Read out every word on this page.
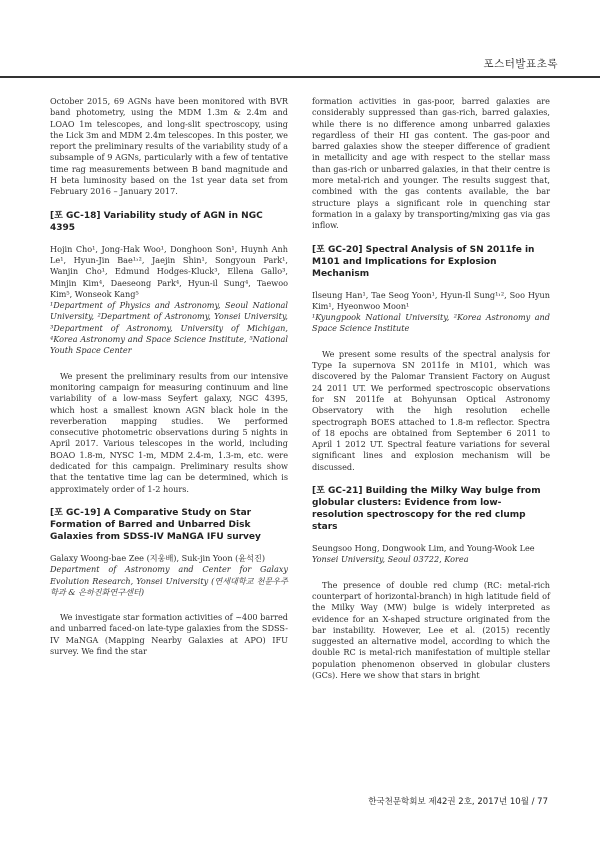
포스터발표초록

October 2015, 69 AGNs have been monitored with BVR band photometry, using the MDM 1.3m & 2.4m and LOAO 1m telescopes, and long-slit spectroscopy, using the Lick 3m and MDM 2.4m telescopes. In this poster, we report the preliminary results of the variability study of a subsample of 9 AGNs, particularly with a few of tentative time rag measurements between B band magnitude and H beta luminosity based on the 1st year data set from February 2016 – January 2017.

[포 GC-18] Variability study of AGN in NGC 4395

Hojin Cho¹, Jong-Hak Woo¹, Donghoon Son¹, Huynh Anh Le¹, Hyun-Jin Bae¹˒², Jaejin Shin¹, Songyoun Park¹, Wanjin Cho¹, Edmund Hodges-Kluck³, Ellena Gallo³, Minjin Kim⁴, Daeseong Park⁴, Hyun-il Sung⁴, Taewoo Kim⁵, Wonseok Kang⁵

¹Department of Physics and Astronomy, Seoul National University, ²Department of Astronomy, Yonsei University, ³Department of Astronomy, University of Michigan, ⁴Korea Astronomy and Space Science Institute, ⁵National Youth Space Center

We present the preliminary results from our intensive monitoring campaign for measuring continuum and line variability of a low-mass Seyfert galaxy, NGC 4395, which host a smallest known AGN black hole in the reverberation mapping studies. We performed consecutive photometric observations during 5 nights in April 2017. Various telescopes in the world, including BOAO 1.8-m, NYSC 1-m, MDM 2.4-m, 1.3-m, etc. were dedicated for this campaign. Preliminary results show that the tentative time lag can be determined, which is approximately order of 1-2 hours.

[포 GC-19] A Comparative Study on Star Formation of Barred and Unbarred Disk Galaxies from SDSS-IV MaNGA IFU survey

Galaxy Woong-bae Zee (지웅배), Suk-jin Yoon (윤석진)

Department of Astronomy and Center for Galaxy Evolution Research, Yonsei University (연세대학교 천문우주학과 & 은하진화연구센터)

We investigate star formation activities of ~400 barred and unbarred faced-on late-type galaxies from the SDSS-IV MaNGA (Mapping Nearby Galaxies at APO) IFU survey. We find the star

formation activities in gas-poor, barred galaxies are considerably suppressed than gas-rich, barred galaxies, while there is no difference among unbarred galaxies regardless of their HI gas content. The gas-poor and barred galaxies show the steeper difference of gradient in metallicity and age with respect to the stellar mass than gas-rich or unbarred galaxies, in that their centre is more metal-rich and younger. The results suggest that, combined with the gas contents available, the bar structure plays a significant role in quenching star formation in a galaxy by transporting/mixing gas via gas inflow.

[포 GC-20] Spectral Analysis of SN 2011fe in M101 and Implications for Explosion Mechanism

Ilseung Han¹, Tae Seog Yoon¹, Hyun-Il Sung¹˒², Soo Hyun Kim¹, Hyeonwoo Moon¹

¹Kyungpook National University, ²Korea Astronomy and Space Science Institute

We present some results of the spectral analysis for Type Ia supernova SN 2011fe in M101, which was discovered by the Palomar Transient Factory on August 24 2011 UT. We performed spectroscopic observations for SN 2011fe at Bohyunsan Optical Astronomy Observatory with the high resolution echelle spectrograph BOES attached to 1.8-m reflector. Spectra of 18 epochs are obtained from September 6 2011 to April 1 2012 UT. Spectral feature variations for several significant lines and explosion mechanism will be discussed.

[포 GC-21] Building the Milky Way bulge from globular clusters: Evidence from low-resolution spectroscopy for the red clump stars

Seungsoo Hong, Dongwook Lim, and Young-Wook Lee

Yonsei University, Seoul 03722, Korea

The presence of double red clump (RC: metal-rich counterpart of horizontal-branch) in high latitude field of the Milky Way (MW) bulge is widely interpreted as evidence for an X-shaped structure originated from the bar instability. However, Lee et al. (2015) recently suggested an alternative model, according to which the double RC is metal-rich manifestation of multiple stellar population phenomenon observed in globular clusters (GCs). Here we show that stars in bright

한국천문학회보 제42권 2호, 2017년 10월 / 77
